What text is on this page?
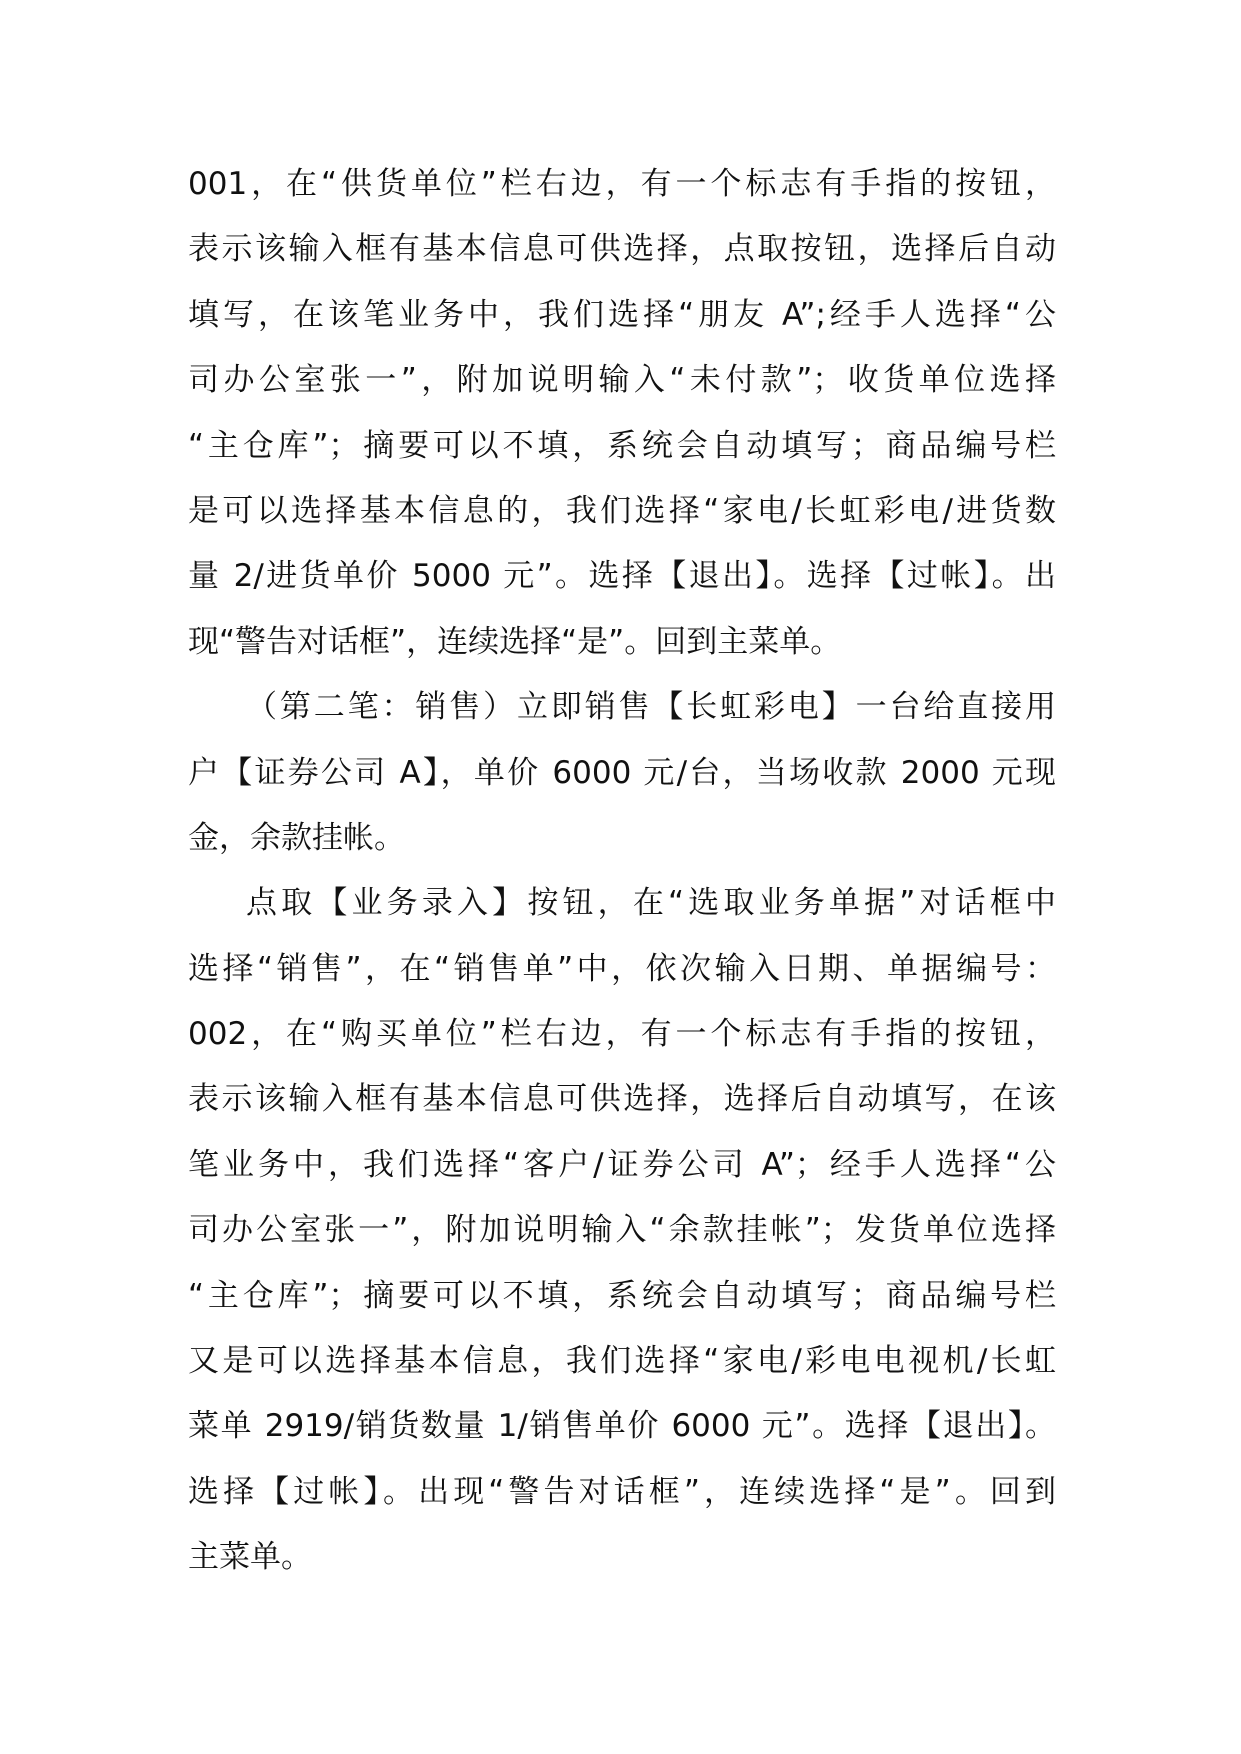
001，在“供货单位”栏右边，有一个标志有手指的按钮，
表示该输入框有基本信息可供选择，点取按钮，选择后自动
填写，在该笔业务中，我们选择“朋友 A”;经手人选择“公
司办公室张一”，附加说明输入“未付款”；收货单位选择
“主仓库”；摘要可以不填，系统会自动填写；商品编号栏
是可以选择基本信息的，我们选择“家电/长虹彩电/进货数
量 2/进货单价 5000 元”。选择【退出】。选择【过帐】。出
现“警告对话框”，连续选择“是”。回到主菜单。
（第二笔：销售）立即销售【长虹彩电】一台给直接用
户【证券公司 A】，单价 6000 元/台，当场收款 2000 元现
金，余款挂帐。
点取【业务录入】按钮，在“选取业务单据”对话框中
选择“销售”，在“销售单”中，依次输入日期、单据编号：
002，在“购买单位”栏右边，有一个标志有手指的按钮，
表示该输入框有基本信息可供选择，选择后自动填写，在该
笔业务中，我们选择“客户/证券公司 A”；经手人选择“公
司办公室张一”，附加说明输入“余款挂帐”；发货单位选择
“主仓库”；摘要可以不填，系统会自动填写；商品编号栏
又是可以选择基本信息，我们选择“家电/彩电电视机/长虹
菜单 2919/销货数量 1/销售单价 6000 元”。选择【退出】。
选择【过帐】。出现“警告对话框”，连续选择“是”。回到
主菜单。
